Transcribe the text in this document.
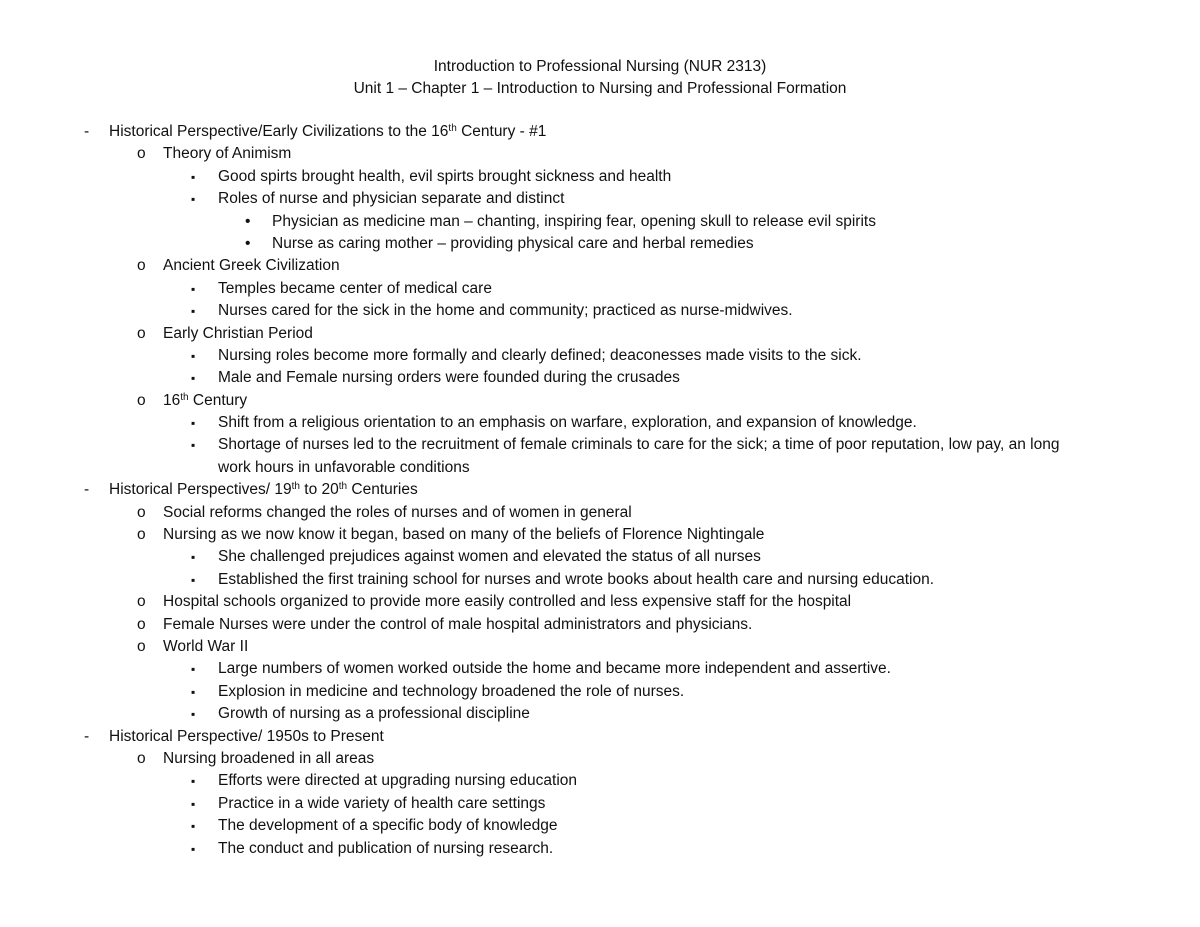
Introduction to Professional Nursing (NUR 2313)
Unit 1 – Chapter 1 – Introduction to Nursing and Professional Formation
- Historical Perspective/Early Civilizations to the 16th Century - #1
o Theory of Animism
▪ Good spirts brought health, evil spirts brought sickness and health
▪ Roles of nurse and physician separate and distinct
• Physician as medicine man – chanting, inspiring fear, opening skull to release evil spirits
• Nurse as caring mother – providing physical care and herbal remedies
o Ancient Greek Civilization
▪ Temples became center of medical care
▪ Nurses cared for the sick in the home and community; practiced as nurse-midwives.
o Early Christian Period
▪ Nursing roles become more formally and clearly defined; deaconesses made visits to the sick.
▪ Male and Female nursing orders were founded during the crusades
o 16th Century
▪ Shift from a religious orientation to an emphasis on warfare, exploration, and expansion of knowledge.
▪ Shortage of nurses led to the recruitment of female criminals to care for the sick; a time of poor reputation, low pay, an long
work hours in unfavorable conditions
- Historical Perspectives/ 19th to 20th Centuries
o Social reforms changed the roles of nurses and of women in general
o Nursing as we now know it began, based on many of the beliefs of Florence Nightingale
▪ She challenged prejudices against women and elevated the status of all nurses
▪ Established the first training school for nurses and wrote books about health care and nursing education.
o Hospital schools organized to provide more easily controlled and less expensive staff for the hospital
o Female Nurses were under the control of male hospital administrators and physicians.
o World War II
▪ Large numbers of women worked outside the home and became more independent and assertive.
▪ Explosion in medicine and technology broadened the role of nurses.
▪ Growth of nursing as a professional discipline
- Historical Perspective/ 1950s to Present
o Nursing broadened in all areas
▪ Efforts were directed at upgrading nursing education
▪ Practice in a wide variety of health care settings
▪ The development of a specific body of knowledge
▪ The conduct and publication of nursing research.
